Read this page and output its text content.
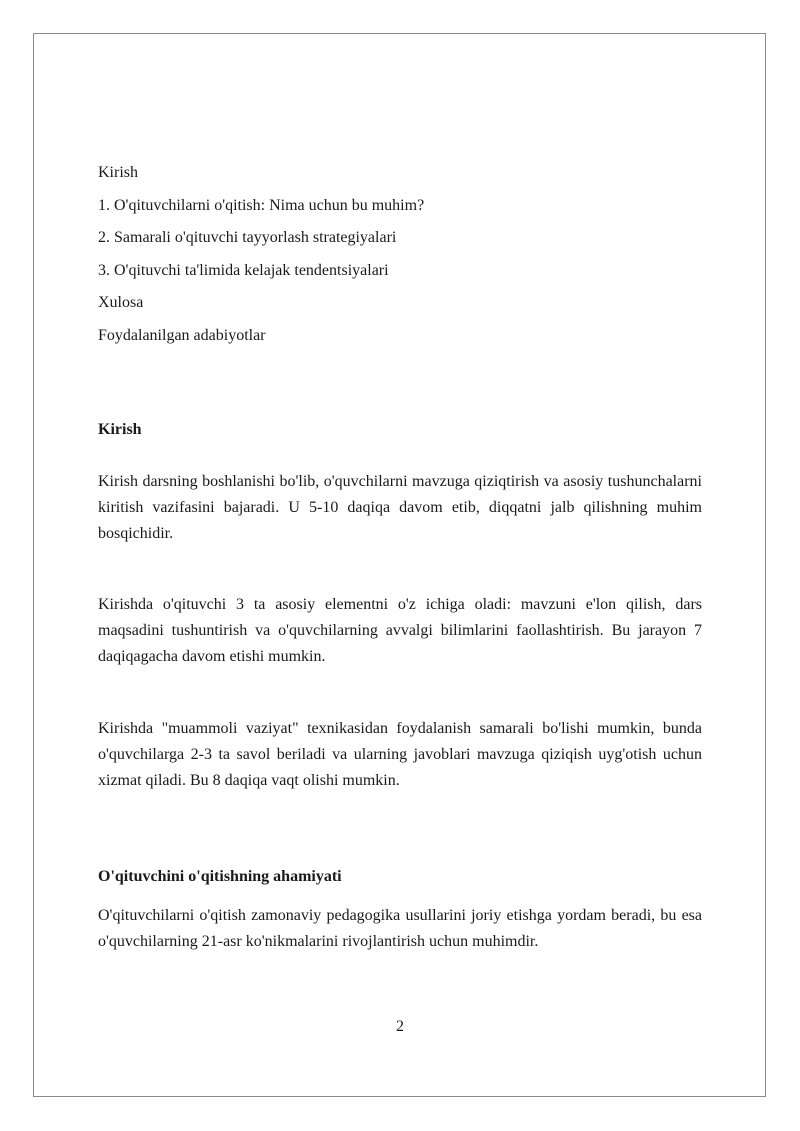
Kirish
1. O'qituvchilarni o'qitish: Nima uchun bu muhim?
2. Samarali o'qituvchi tayyorlash strategiyalari
3. O'qituvchi ta'limida kelajak tendentsiyalari
Xulosa
Foydalanilgan adabiyotlar
Kirish
Kirish darsning boshlanishi bo'lib, o'quvchilarni mavzuga qiziqtirish va asosiy tushunchalarni kiritish vazifasini bajaradi. U 5-10 daqiqa davom etib, diqqatni jalb qilishning muhim bosqichidir.
Kirishda o'qituvchi 3 ta asosiy elementni o'z ichiga oladi: mavzuni e'lon qilish, dars maqsadini tushuntirish va o'quvchilarning avvalgi bilimlarini faollashtirish. Bu jarayon 7 daqiqagacha davom etishi mumkin.
Kirishda "muammoli vaziyat" texnikasidan foydalanish samarali bo'lishi mumkin, bunda o'quvchilarga 2-3 ta savol beriladi va ularning javoblari mavzuga qiziqish uyg'otish uchun xizmat qiladi. Bu 8 daqiqa vaqt olishi mumkin.
O'qituvchini o'qitishning ahamiyati
O'qituvchilarni o'qitish zamonaviy pedagogika usullarini joriy etishga yordam beradi, bu esa o'quvchilarning 21-asr ko'nikmalarini rivojlantirish uchun muhimdir.
2
